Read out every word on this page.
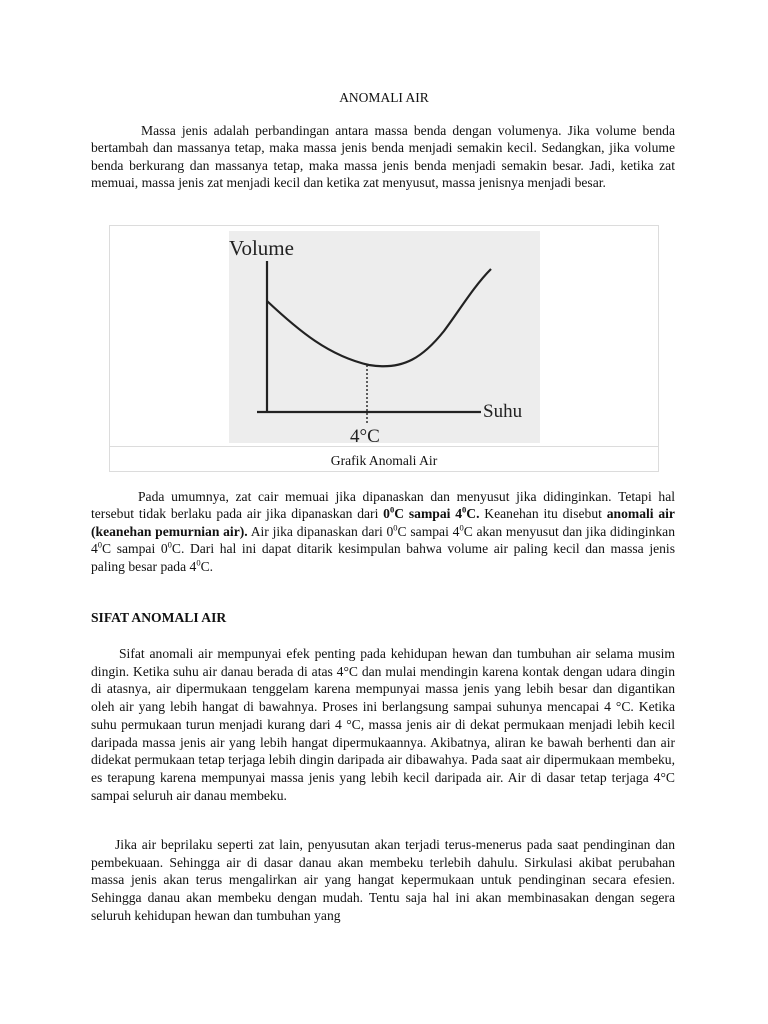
ANOMALI AIR

Massa jenis adalah perbandingan antara massa benda dengan volumenya. Jika volume benda bertambah dan massanya tetap, maka massa jenis benda menjadi semakin kecil. Sedangkan, jika volume benda berkurang dan massanya tetap, maka massa jenis benda menjadi semakin besar. Jadi, ketika zat memuai, massa jenis zat menjadi kecil dan ketika zat menyusut, massa jenisnya menjadi besar.

Volume
Suhu
4°C
Grafik Anomali Air

Pada umumnya, zat cair memuai jika dipanaskan dan menyusut jika didinginkan. Tetapi hal tersebut tidak berlaku pada air jika dipanaskan dari $0^0C$ sampai $4^0C$. Keanehan itu disebut anomali air (keanehan pemurnian air). Air jika dipanaskan dari $0^0C$ sampai $4^0C$ akan menyusut dan jika didinginkan $4^0C$ sampai $0^0C$. Dari hal ini dapat ditarik kesimpulan bahwa volume air paling kecil dan massa jenis paling besar pada $4^0C$.

SIFAT ANOMALI AIR

Sifat anomali air mempunyai efek penting pada kehidupan hewan dan tumbuhan air selama musim dingin. Ketika suhu air danau berada di atas 4°C dan mulai mendingin karena kontak dengan udara dingin di atasnya, air dipermukaan tenggelam karena mempunyai massa jenis yang lebih besar dan digantikan oleh air yang lebih hangat di bawahnya. Proses ini berlangsung sampai suhunya mencapai 4 °C. Ketika suhu permukaan turun menjadi kurang dari 4 °C, massa jenis air di dekat permukaan menjadi lebih kecil daripada massa jenis air yang lebih hangat dipermukaannya. Akibatnya, aliran ke bawah berhenti dan air didekat permukaan tetap terjaga lebih dingin daripada air dibawahya. Pada saat air dipermukaan membeku, es terapung karena mempunyai massa jenis yang lebih kecil daripada air. Air di dasar tetap terjaga 4°C sampai seluruh air danau membeku.

Jika air beprilaku seperti zat lain, penyusutan akan terjadi terus-menerus pada saat pendinginan dan pembekuaan. Sehingga air di dasar danau akan membeku terlebih dahulu. Sirkulasi akibat perubahan massa jenis akan terus mengalirkan air yang hangat kepermukaan untuk pendinginan secara efesien. Sehingga danau akan membeku dengan mudah. Tentu saja hal ini akan membinasakan dengan segera seluruh kehidupan hewan dan tumbuhan yang
